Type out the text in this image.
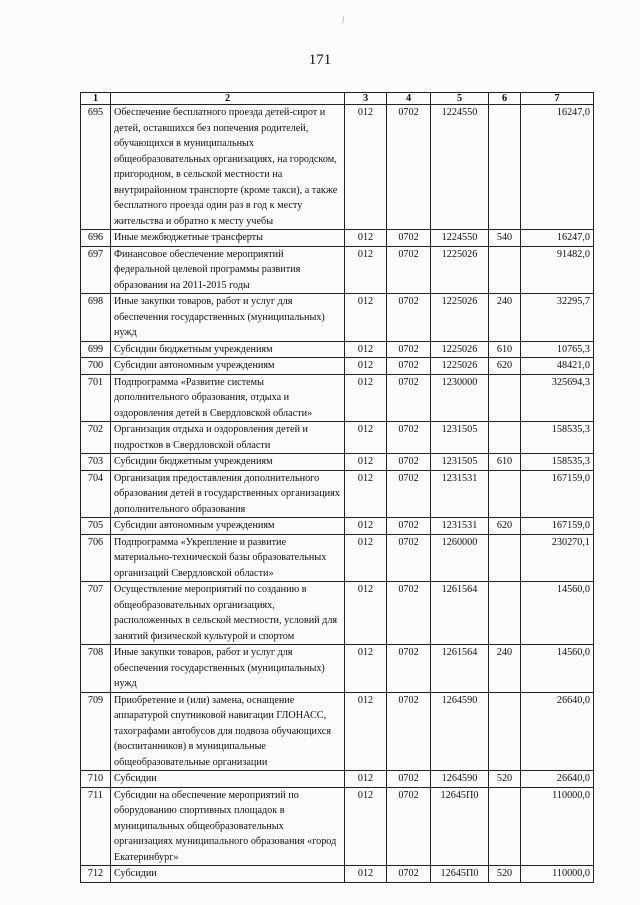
/
171
1	2	3	4	5	6	7
695	Обеспечение бесплатного проезда детей-сирот и детей, оставшихся без попечения родителей, обучающихся в муниципальных общеобразовательных организациях, на городском, пригородном, в сельской местности на внутрирайонном транспорте (кроме такси), а также бесплатного проезда один раз в год к месту жительства и обратно к месту учебы	012	0702	1224550		16247,0
696	Иные межбюджетные трансферты	012	0702	1224550	540	16247,0
697	Финансовое обеспечение мероприятий федеральной целевой программы развития образования на 2011-2015 годы	012	0702	1225026		91482,0
698	Иные закупки товаров, работ и услуг для обеспечения государственных (муниципальных) нужд	012	0702	1225026	240	32295,7
699	Субсидии бюджетным учреждениям	012	0702	1225026	610	10765,3
700	Субсидии автономным учреждениям	012	0702	1225026	620	48421,0
701	Подпрограмма «Развитие системы дополнительного образования, отдыха и оздоровления детей в Свердловской области»	012	0702	1230000		325694,3
702	Организация отдыха и оздоровления детей и подростков в Свердловской области	012	0702	1231505		158535,3
703	Субсидии бюджетным учреждениям	012	0702	1231505	610	158535,3
704	Организация предоставления дополнительного образования детей в государственных организациях дополнительного образования	012	0702	1231531		167159,0
705	Субсидии автономным учреждениям	012	0702	1231531	620	167159,0
706	Подпрограмма «Укрепление и развитие материально-технической базы образовательных организаций Свердловской области»	012	0702	1260000		230270,1
707	Осуществление мероприятий по созданию в общеобразовательных организациях, расположенных в сельской местности, условий для занятий физической культурой и спортом	012	0702	1261564		14560,0
708	Иные закупки товаров, работ и услуг для обеспечения государственных (муниципальных) нужд	012	0702	1261564	240	14560,0
709	Приобретение и (или) замена, оснащение аппаратурой спутниковой навигации ГЛОНАСС, тахографами автобусов для подвоза обучающихся (воспитанников) в муниципальные общеобразовательные организации	012	0702	1264590		26640,0
710	Субсидии	012	0702	1264590	520	26640,0
711	Субсидии на обеспечение мероприятий по оборудованию спортивных площадок в муниципальных общеобразовательных организациях муниципального образования «город Екатеринбург»	012	0702	12645П0		110000,0
712	Субсидии	012	0702	12645П0	520	110000,0
